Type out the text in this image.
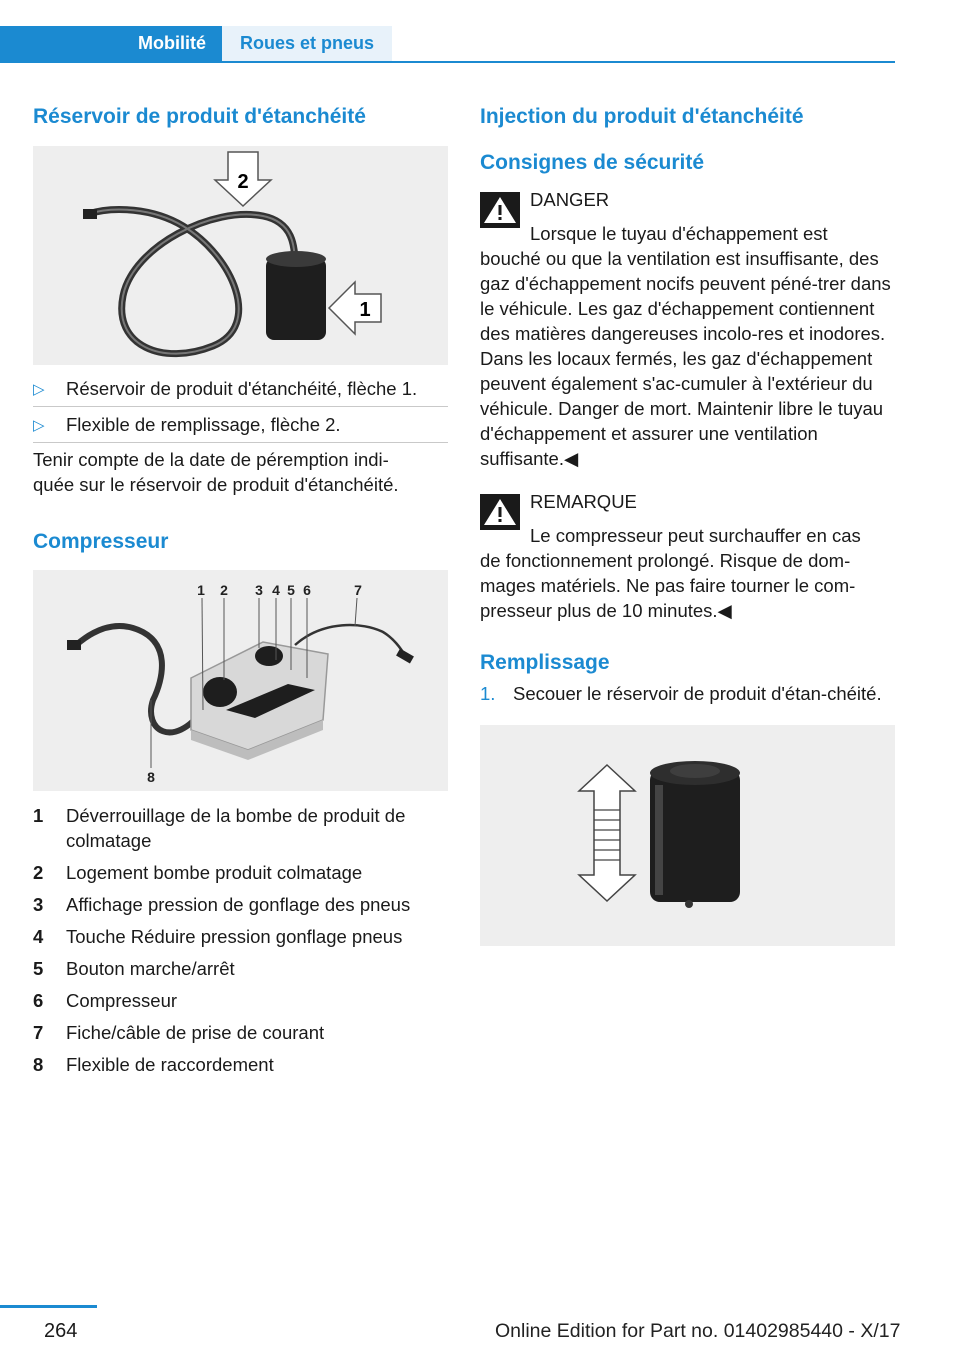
Mobilité	Roues et pneus
Réservoir de produit d'étanchéité
2
1
▷ Réservoir de produit d'étanchéité, flèche 1.
▷ Flexible de remplissage, flèche 2.
Tenir compte de la date de péremption indi-
quée sur le réservoir de produit d'étanchéité.
Compresseur
1 2 3 4 5 6	7
8
1 Déverrouillage de la bombe de produit de colmatage
2 Logement bombe produit colmatage
3 Affichage pression de gonflage des pneus
4 Touche Réduire pression gonflage pneus
5 Bouton marche/arrêt
6 Compresseur
7 Fiche/câble de prise de courant
8 Flexible de raccordement
Injection du produit d'étanchéité
Consignes de sécurité
DANGER
Lorsque le tuyau d'échappement est
bouché ou que la ventilation est insuffisante, des gaz d'échappement nocifs peuvent péné-trer dans le véhicule. Les gaz d'échappement contiennent des matières dangereuses incolo-res et inodores. Dans les locaux fermés, les gaz d'échappement peuvent également s'ac-cumuler à l'extérieur du véhicule. Danger de mort. Maintenir libre le tuyau d'échappement et assurer une ventilation suffisante.◀
REMARQUE
Le compresseur peut surchauffer en cas
de fonctionnement prolongé. Risque de dom-mages matériels. Ne pas faire tourner le com-presseur plus de 10 minutes.◀
Remplissage
1. Secouer le réservoir de produit d'étan-chéité.
264	Online Edition for Part no. 01402985440 - X/17
